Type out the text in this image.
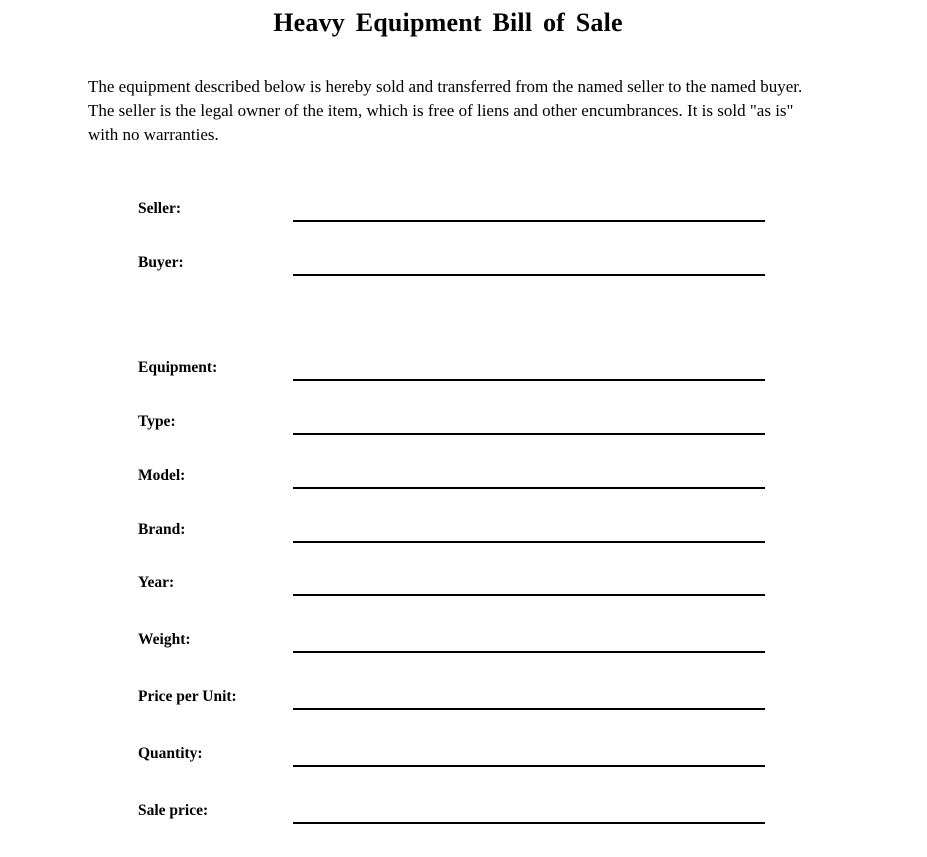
Heavy Equipment Bill of Sale
The equipment described below is hereby sold and transferred from the named seller to the named buyer. The seller is the legal owner of the item, which is free of liens and other encumbrances. It is sold "as is" with no warranties.
Seller:
Buyer:
Equipment:
Type:
Model:
Brand:
Year:
Weight:
Price per Unit:
Quantity:
Sale price:
